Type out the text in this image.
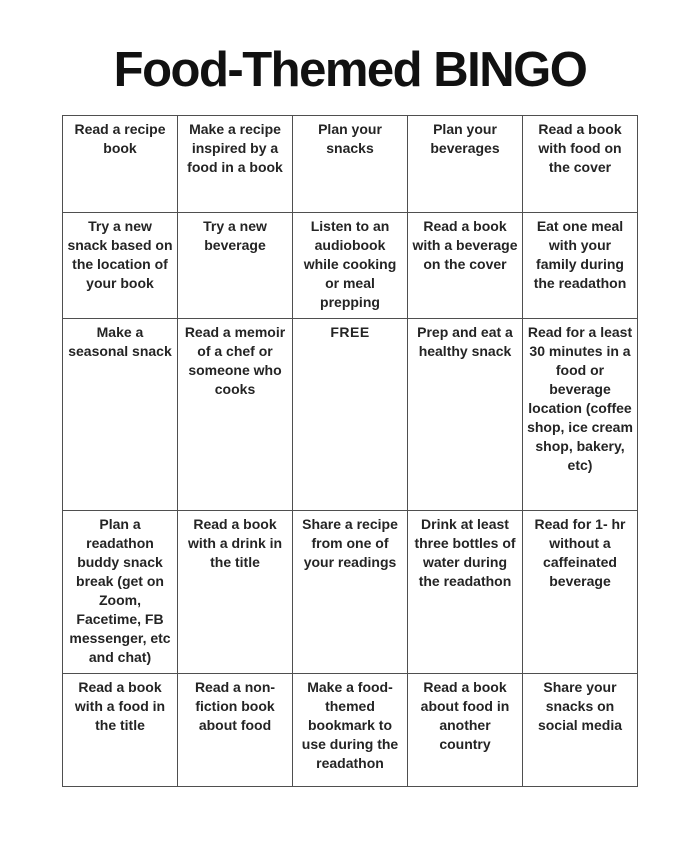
Food-Themed BINGO
Read a recipe book	Make a recipe inspired by a food in a book	Plan your snacks	Plan your beverages	Read a book with food on the cover
Try a new snack based on the location of your book	Try a new beverage	Listen to an audiobook while cooking or meal prepping	Read a book with a beverage on the cover	Eat one meal with your family during the readathon
Make a seasonal snack	Read a memoir of a chef or someone who cooks	FREE	Prep and eat a healthy snack	Read for a least 30 minutes in a food or beverage location (coffee shop, ice cream shop, bakery, etc)
Plan a readathon buddy snack break (get on Zoom, Facetime, FB messenger, etc and chat)	Read a book with a drink in the title	Share a recipe from one of your readings	Drink at least three bottles of water during the readathon	Read for 1- hr without a caffeinated beverage
Read a book with a food in the title	Read a non- fiction book about food	Make a food- themed bookmark to use during the readathon	Read a book about food in another country	Share your snacks on social media
